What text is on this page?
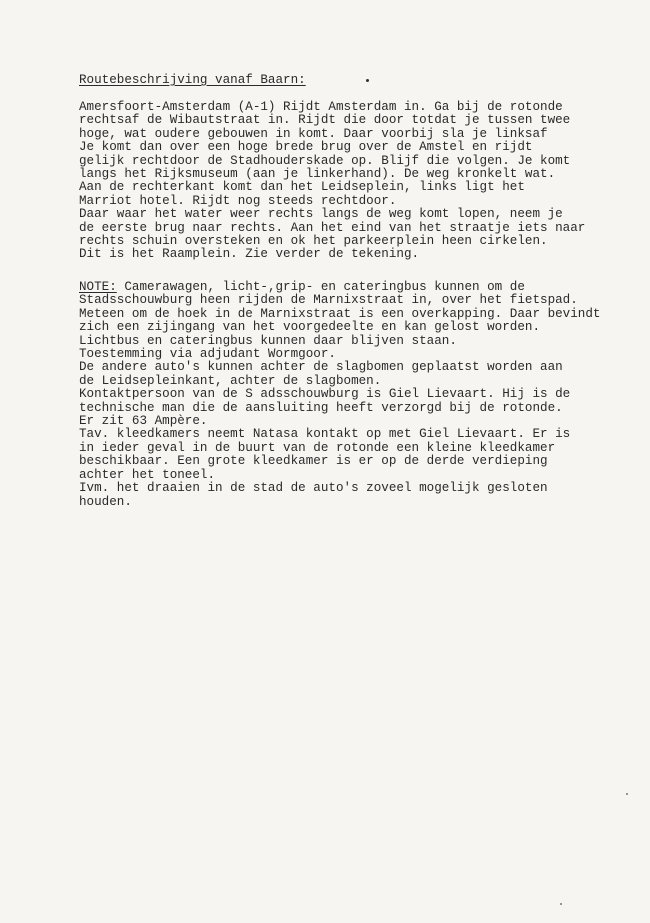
Routebeschrijving vanaf Baarn:
Amersfoort-Amsterdam (A-1) Rijdt Amsterdam in. Ga bij de rotonde
rechtsaf de Wibautstraat in. Rijdt die door totdat je tussen twee
hoge, wat oudere gebouwen in komt. Daar voorbij sla je linksaf
Je komt dan over een hoge brede brug over de Amstel en rijdt
gelijk rechtdoor de Stadhouderskade op. Blijf die volgen. Je komt
langs het Rijksmuseum (aan je linkerhand). De weg kronkelt wat.
Aan de rechterkant komt dan het Leidseplein, links ligt het
Marriot hotel. Rijdt nog steeds rechtdoor.
Daar waar het water weer rechts langs de weg komt lopen, neem je
de eerste brug naar rechts. Aan het eind van het straatje iets naar
rechts schuin oversteken en ok het parkeerplein heen cirkelen.
Dit is het Raamplein. Zie verder de tekening.
NOTE: Camerawagen, licht-,grip- en cateringbus kunnen om de
Stadsschouwburg heen rijden de Marnixstraat in, over het fietspad.
Meteen om de hoek in de Marnixstraat is een overkapping. Daar bevindt
zich een zijingang van het voorgedeelte en kan gelost worden.
Lichtbus en cateringbus kunnen daar blijven staan.
Toestemming via adjudant Wormgoor.
De andere auto's kunnen achter de slagbomen geplaatst worden aan
de Leidsepleinkant, achter de slagbomen.
Kontaktpersoon van de S adsschouwburg is Giel Lievaart. Hij is de
technische man die de aansluiting heeft verzorgd bij de rotonde.
Er zit 63 Ampère.
Tav. kleedkamers neemt Natasa kontakt op met Giel Lievaart. Er is
in ieder geval in de buurt van de rotonde een kleine kleedkamer
beschikbaar. Een grote kleedkamer is er op de derde verdieping
achter het toneel.
Ivm. het draaien in de stad de auto's zoveel mogelijk gesloten
houden.
